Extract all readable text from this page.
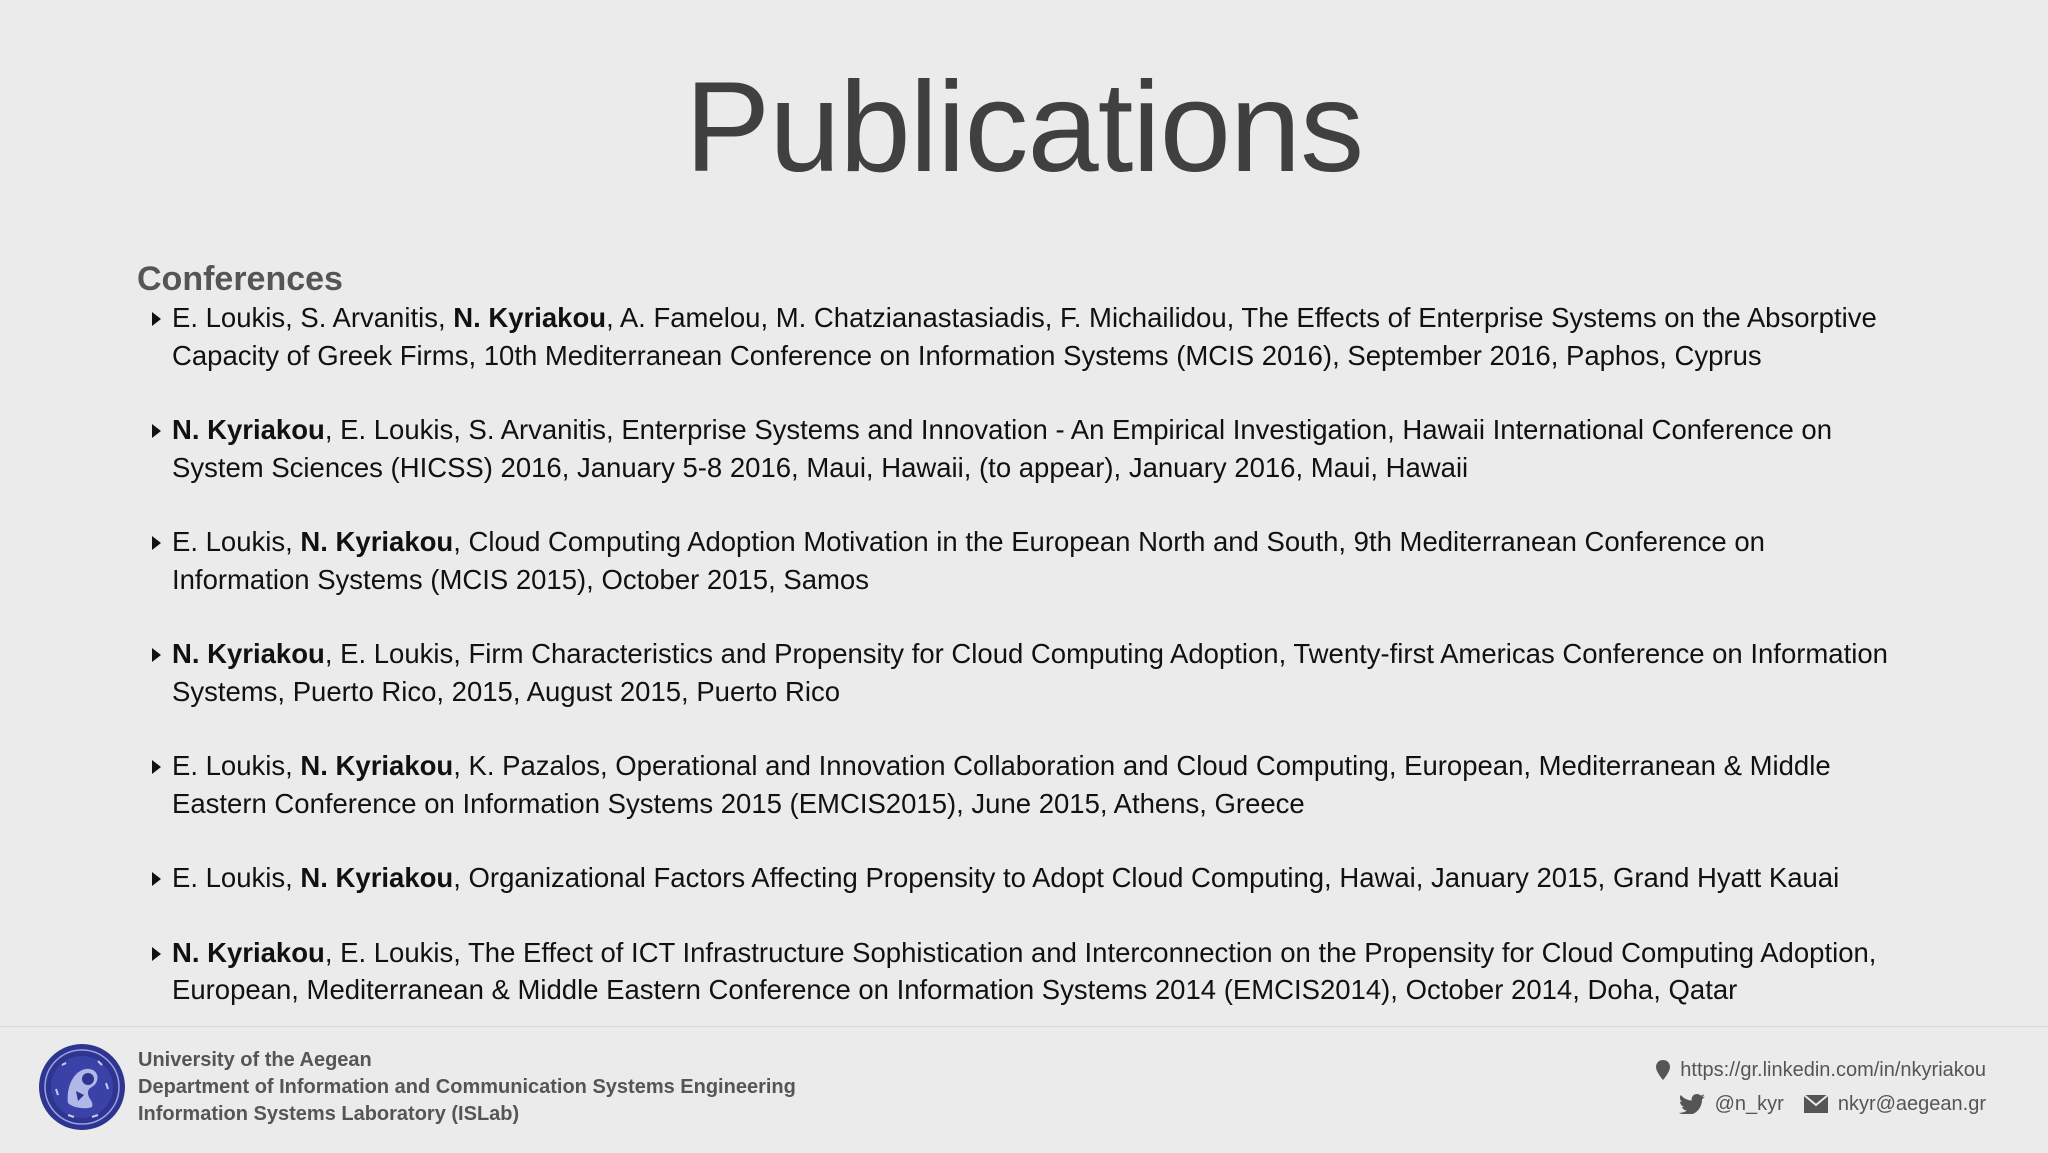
Publications
Conferences
E. Loukis, S. Arvanitis, N. Kyriakou, A. Famelou, M. Chatzianastasiadis, F. Michailidou, The Effects of Enterprise Systems on the Absorptive Capacity of Greek Firms, 10th Mediterranean Conference on Information Systems (MCIS 2016), September 2016, Paphos, Cyprus
N. Kyriakou, E. Loukis, S. Arvanitis, Enterprise Systems and Innovation - An Empirical Investigation, Hawaii International Conference on System Sciences (HICSS) 2016, January 5-8 2016, Maui, Hawaii, (to appear), January 2016, Maui, Hawaii
E. Loukis, N. Kyriakou, Cloud Computing Adoption Motivation in the European North and South, 9th Mediterranean Conference on Information Systems (MCIS 2015), October 2015, Samos
N. Kyriakou, E. Loukis, Firm Characteristics and Propensity for Cloud Computing Adoption, Twenty-first Americas Conference on Information Systems, Puerto Rico, 2015, August 2015, Puerto Rico
E. Loukis, N. Kyriakou, K. Pazalos, Operational and Innovation Collaboration and Cloud Computing, European, Mediterranean & Middle Eastern Conference on Information Systems 2015 (EMCIS2015), June 2015, Athens, Greece
E. Loukis, N. Kyriakou, Organizational Factors Affecting Propensity to Adopt Cloud Computing, Hawai, January 2015, Grand Hyatt Kauai
N. Kyriakou, E. Loukis, The Effect of ICT Infrastructure Sophistication and Interconnection on the Propensity for Cloud Computing Adoption, European, Mediterranean & Middle Eastern Conference on Information Systems 2014 (EMCIS2014), October 2014, Doha, Qatar
University of the Aegean
Department of Information and Communication Systems Engineering
Information Systems Laboratory (ISLab)
https://gr.linkedin.com/in/nkyriakou
@n_kyr	nkyr@aegean.gr
